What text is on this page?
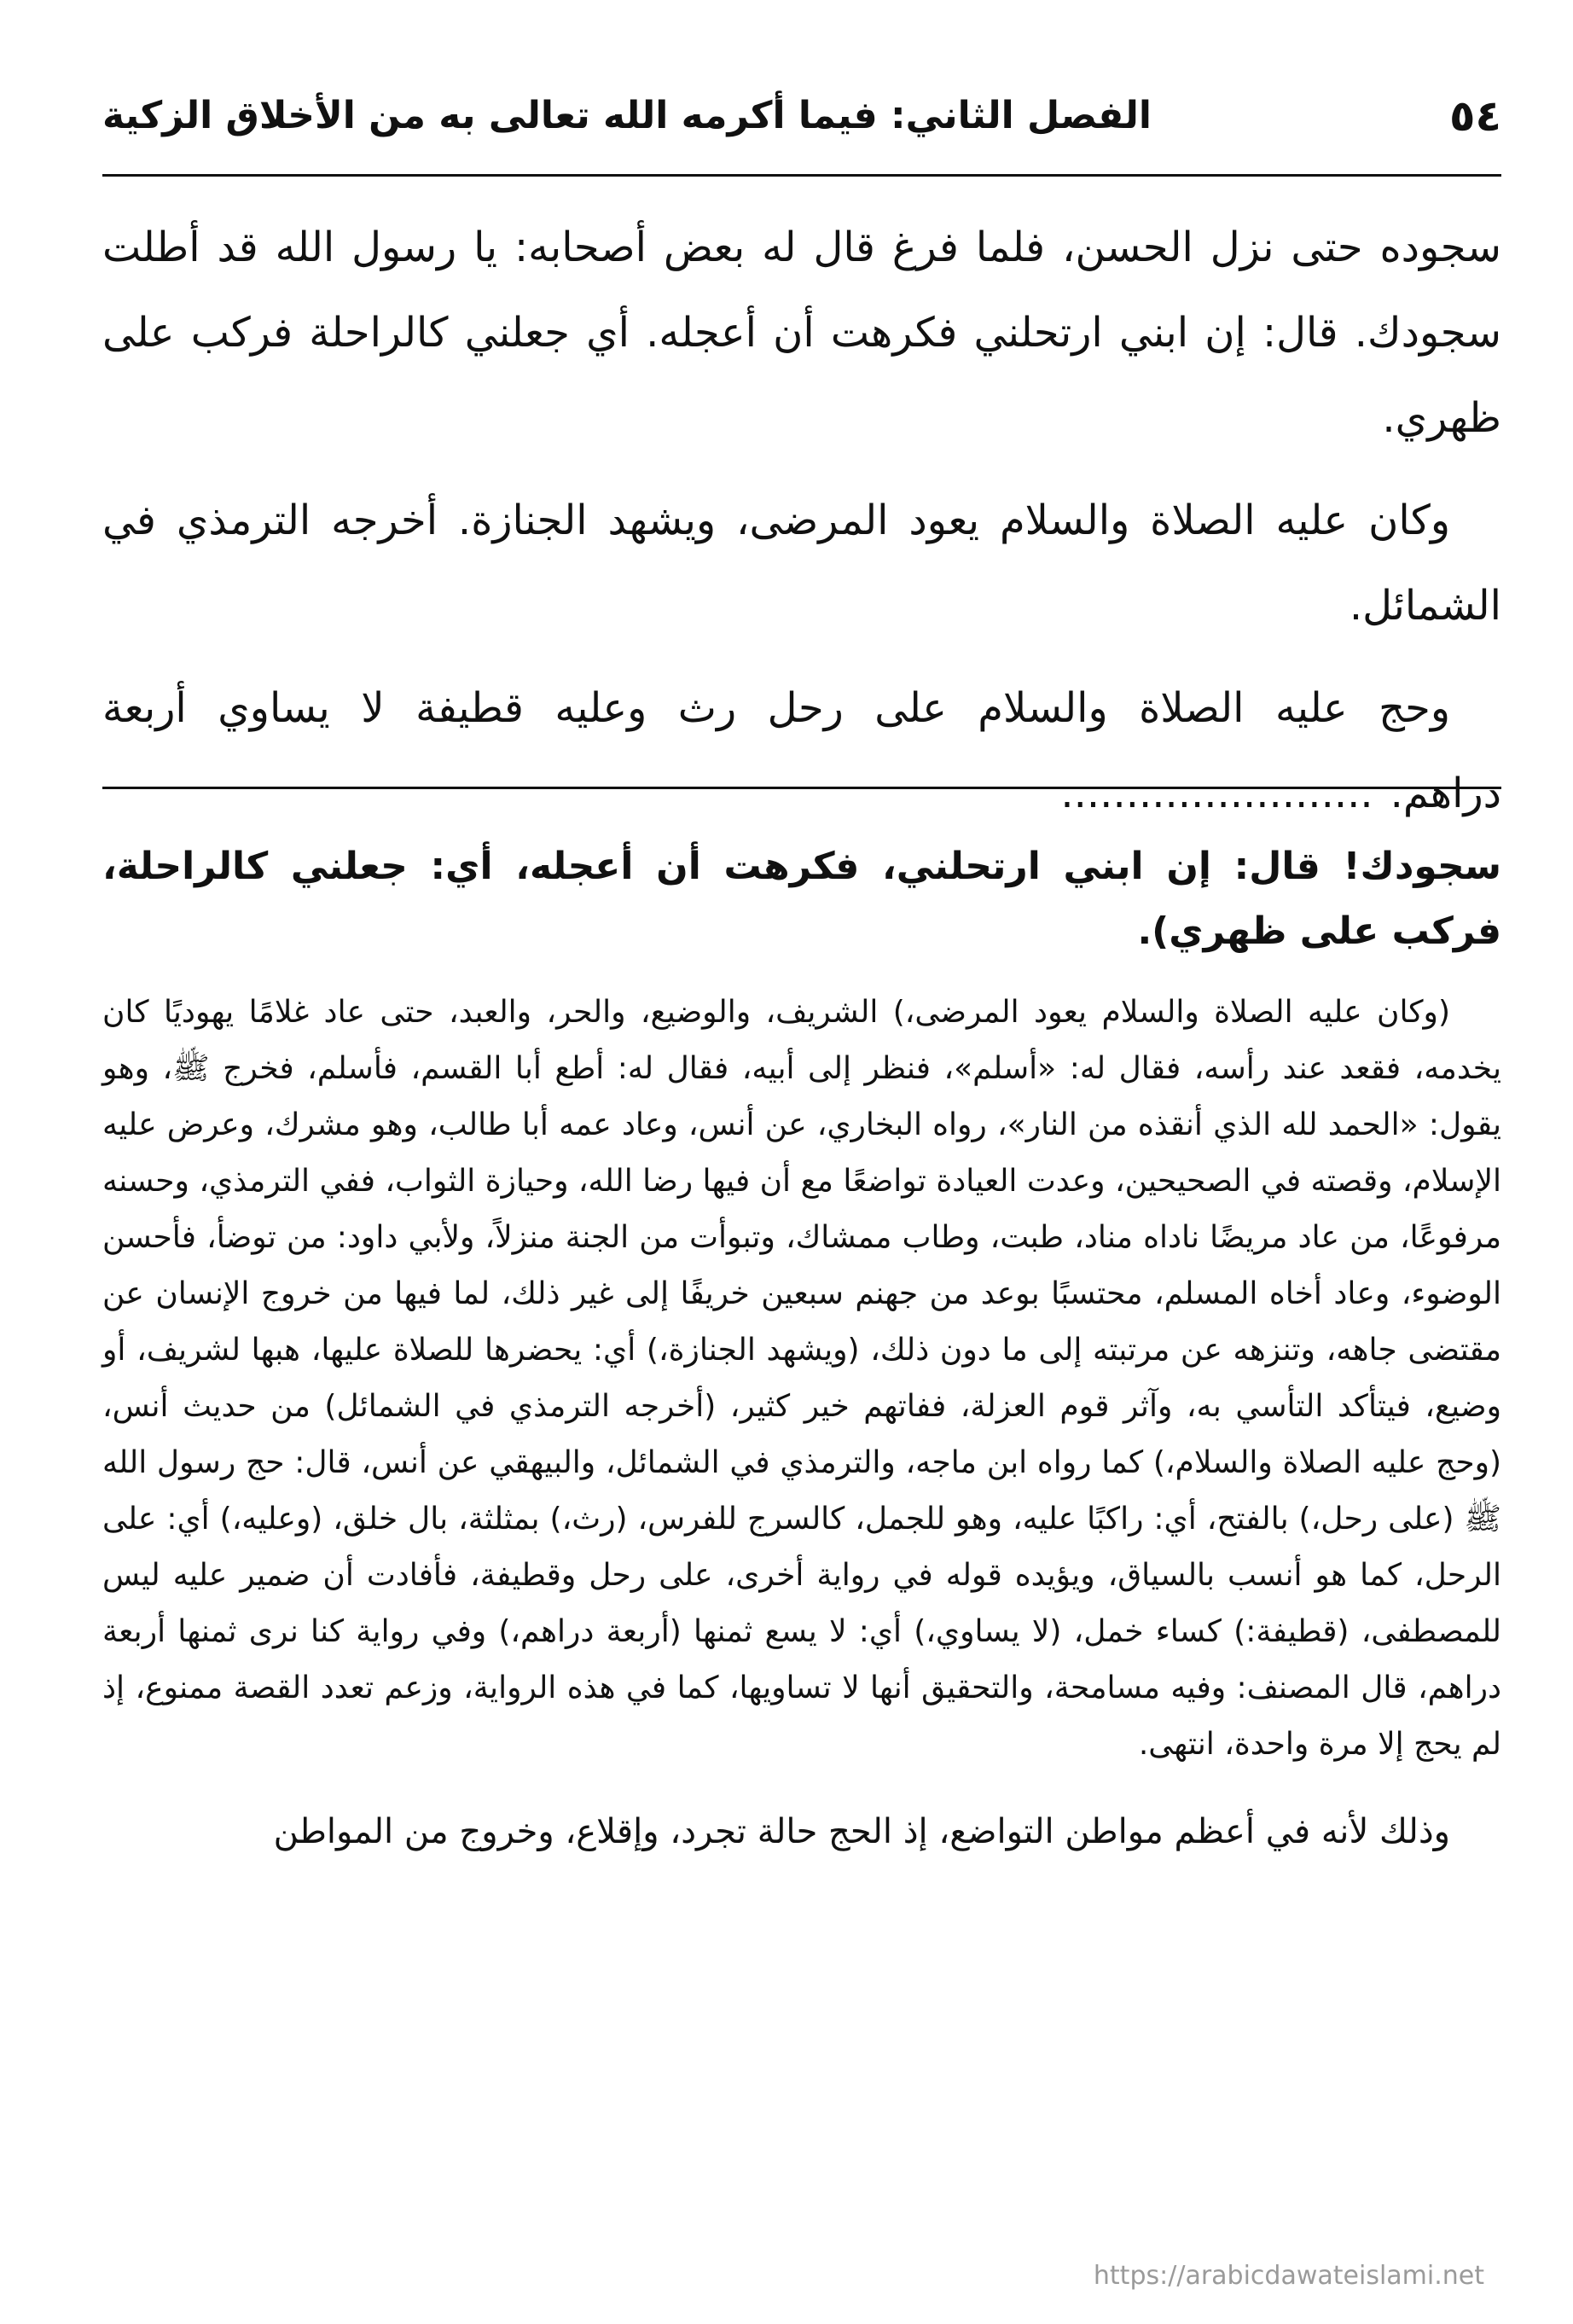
٥٤
الفصل الثاني: فيما أكرمه الله تعالى به من الأخلاق الزكية

سجوده حتى نزل الحسن، فلما فرغ قال له بعض أصحابه: يا رسول الله قد أطلت سجودك. قال: إن ابني ارتحلني فكرهت أن أعجله. أي جعلني كالراحلة فركب على ظهري.

وكان عليه الصلاة والسلام يعود المرضى، ويشهد الجنازة. أخرجه الترمذي في الشمائل.

وحج عليه الصلاة والسلام على رحل رث وعليه قطيفة لا يساوي أربعة دراهم.........................

سجودك! قال: إن ابني ارتحلني، فكرهت أن أعجله، أي: جعلني كالراحلة، فركب على ظهري).

(وكان عليه الصلاة والسلام يعود المرضى،) الشريف، والوضيع، والحر، والعبد، حتى عاد غلامًا يهوديًا كان يخدمه، فقعد عند رأسه، فقال له: «أسلم»، فنظر إلى أبيه، فقال له: أطع أبا القسم، فأسلم، فخرج ﷺ، وهو يقول: «الحمد لله الذي أنقذه من النار»، رواه البخاري، عن أنس، وعاد عمه أبا طالب، وهو مشرك، وعرض عليه الإسلام، وقصته في الصحيحين، وعدت العيادة تواضعًا مع أن فيها رضا الله، وحيازة الثواب، ففي الترمذي، وحسنه مرفوعًا، من عاد مريضًا ناداه مناد، طبت، وطاب ممشاك، وتبوأت من الجنة منزلاً، ولأبي داود: من توضأ، فأحسن الوضوء، وعاد أخاه المسلم، محتسبًا بوعد من جهنم سبعين خريفًا إلى غير ذلك، لما فيها من خروج الإنسان عن مقتضى جاهه، وتنزهه عن مرتبته إلى ما دون ذلك، (ويشهد الجنازة،) أي: يحضرها للصلاة عليها، هبها لشريف، أو وضيع، فيتأكد التأسي به، وآثر قوم العزلة، ففاتهم خير كثير، (أخرجه الترمذي في الشمائل) من حديث أنس، (وحج عليه الصلاة والسلام،) كما رواه ابن ماجه، والترمذي في الشمائل، والبيهقي عن أنس، قال: حج رسول الله ﷺ (على رحل،) بالفتح، أي: راكبًا عليه، وهو للجمل، كالسرج للفرس، (رث،) بمثلثة، بال خلق، (وعليه،) أي: على الرحل، كما هو أنسب بالسياق، ويؤيده قوله في رواية أخرى، على رحل وقطيفة، فأفادت أن ضمير عليه ليس للمصطفى، (قطيفة:) كساء خمل، (لا يساوي،) أي: لا يسع ثمنها (أربعة دراهم،) وفي رواية كنا نرى ثمنها أربعة دراهم، قال المصنف: وفيه مسامحة، والتحقيق أنها لا تساويها، كما في هذه الرواية، وزعم تعدد القصة ممنوع، إذ لم يحج إلا مرة واحدة، انتهى.

وذلك لأنه في أعظم مواطن التواضع، إذ الحج حالة تجرد، وإقلاع، وخروج من المواطن

https://arabicdawateislami.net
